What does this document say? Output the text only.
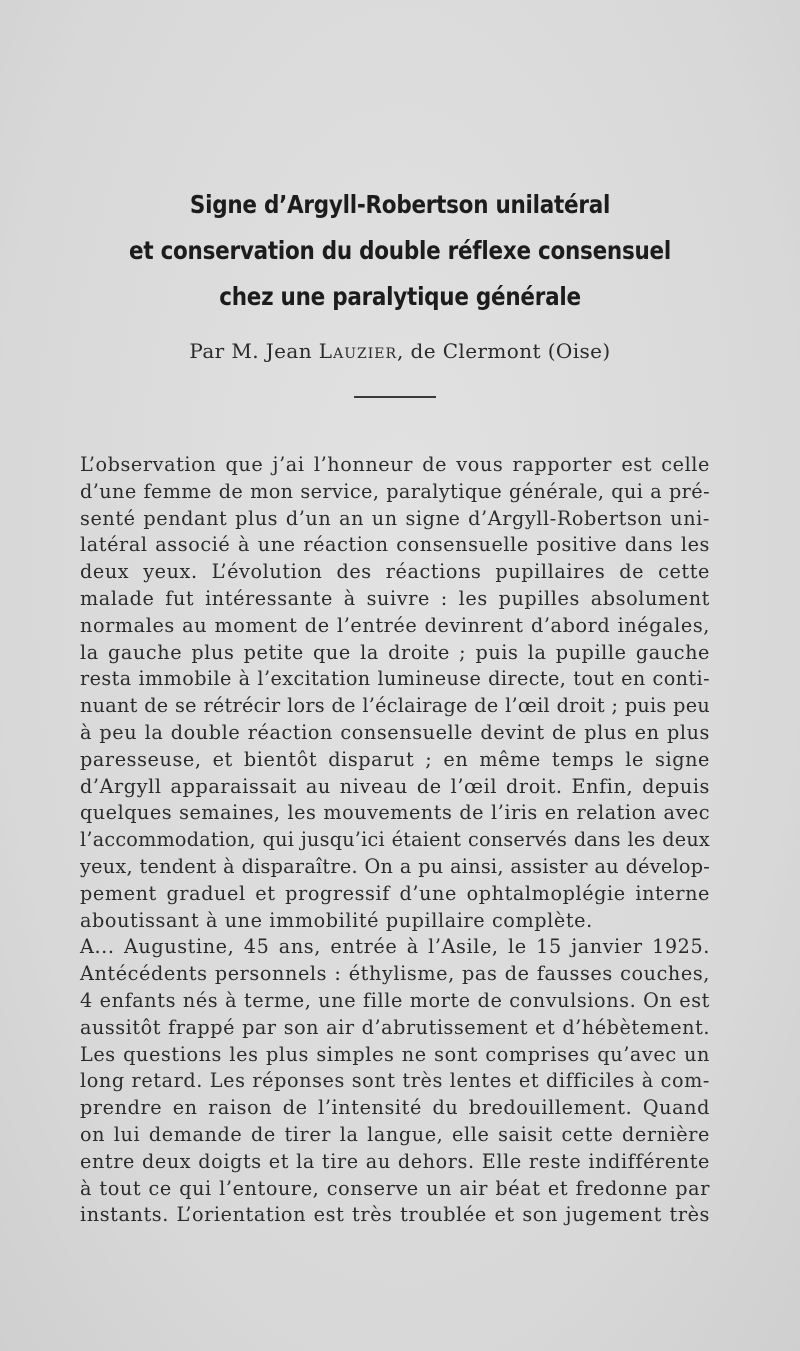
Signe d’Argyll-Robertson unilatéral
et conservation du double réflexe consensuel
chez une paralytique générale
Par M. Jean Lauzier, de Clermont (Oise)
L’observation que j’ai l’honneur de vous rapporter est celle
d’une femme de mon service, paralytique générale, qui a pré-
senté pendant plus d’un an un signe d’Argyll-Robertson uni-
latéral associé à une réaction consensuelle positive dans les
deux yeux. L’évolution des réactions pupillaires de cette
malade fut intéressante à suivre : les pupilles absolument
normales au moment de l’entrée devinrent d’abord inégales,
la gauche plus petite que la droite ; puis la pupille gauche
resta immobile à l’excitation lumineuse directe, tout en conti-
nuant de se rétrécir lors de l’éclairage de l’œil droit ; puis peu
à peu la double réaction consensuelle devint de plus en plus
paresseuse, et bientôt disparut ; en même temps le signe
d’Argyll apparaissait au niveau de l’œil droit. Enfin, depuis
quelques semaines, les mouvements de l’iris en relation avec
l’accommodation, qui jusqu’ici étaient conservés dans les deux
yeux, tendent à disparaître. On a pu ainsi, assister au dévelop-
pement graduel et progressif d’une ophtalmoplégie interne
aboutissant à une immobilité pupillaire complète.
A... Augustine, 45 ans, entrée à l’Asile, le 15 janvier 1925.
Antécédents personnels : éthylisme, pas de fausses couches,
4 enfants nés à terme, une fille morte de convulsions. On est
aussitôt frappé par son air d’abrutissement et d’hébètement.
Les questions les plus simples ne sont comprises qu’avec un
long retard. Les réponses sont très lentes et difficiles à com-
prendre en raison de l’intensité du bredouillement. Quand
on lui demande de tirer la langue, elle saisit cette dernière
entre deux doigts et la tire au dehors. Elle reste indifférente
à tout ce qui l’entoure, conserve un air béat et fredonne par
instants. L’orientation est très troublée et son jugement très
